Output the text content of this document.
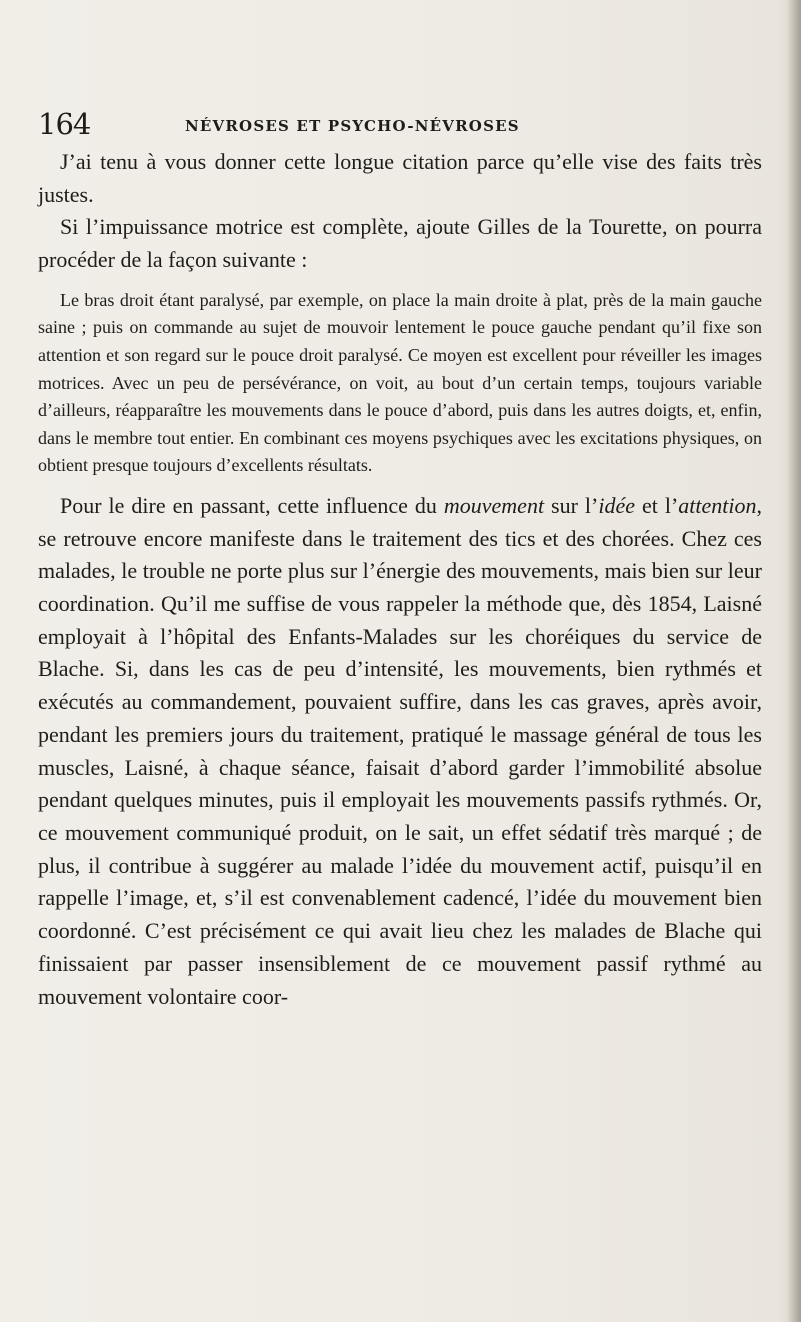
164	NÉVROSES ET PSYCHO-NÉVROSES

J’ai tenu à vous donner cette longue citation parce qu’elle vise des faits très justes.

Si l’impuissance motrice est complète, ajoute Gilles de la Tourette, on pourra procéder de la façon suivante :

Le bras droit étant paralysé, par exemple, on place la main droite à plat, près de la main gauche saine ; puis on commande au sujet de mouvoir lentement le pouce gauche pendant qu’il fixe son attention et son regard sur le pouce droit paralysé. Ce moyen est excellent pour réveiller les images motrices. Avec un peu de persévérance, on voit, au bout d’un certain temps, toujours variable d’ailleurs, réapparaître les mouvements dans le pouce d’abord, puis dans les autres doigts, et, enfin, dans le membre tout entier. En combinant ces moyens psychiques avec les excitations physiques, on obtient presque toujours d’excellents résultats.

Pour le dire en passant, cette influence du mouvement sur l’idée et l’attention, se retrouve encore manifeste dans le traitement des tics et des chorées. Chez ces malades, le trouble ne porte plus sur l’énergie des mouvements, mais bien sur leur coordination. Qu’il me suffise de vous rappeler la méthode que, dès 1854, Laisné employait à l’hôpital des Enfants-Malades sur les choréiques du service de Blache. Si, dans les cas de peu d’intensité, les mouvements, bien rythmés et exécutés au commandement, pouvaient suffire, dans les cas graves, après avoir, pendant les premiers jours du traitement, pratiqué le massage général de tous les muscles, Laisné, à chaque séance, faisait d’abord garder l’immobilité absolue pendant quelques minutes, puis il employait les mouvements passifs rythmés. Or, ce mouvement communiqué produit, on le sait, un effet sédatif très marqué ; de plus, il contribue à suggérer au malade l’idée du mouvement actif, puisqu’il en rappelle l’image, et, s’il est convenablement cadencé, l’idée du mouvement bien coordonné. C’est précisément ce qui avait lieu chez les malades de Blache qui finissaient par passer insensiblement de ce mouvement passif rythmé au mouvement volontaire coor-
